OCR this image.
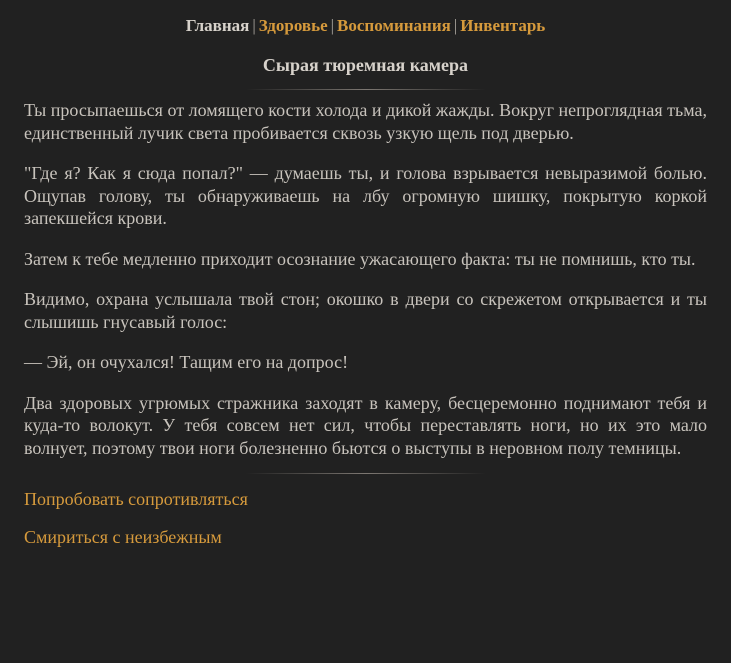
Главная | Здоровье | Воспоминания | Инвентарь
Сырая тюремная камера

Ты просыпаешься от ломящего кости холода и дикой жажды. Вокруг непроглядная тьма, единственный лучик света пробивается сквозь узкую щель под дверью.

"Где я? Как я сюда попал?" — думаешь ты, и голова взрывается невыразимой болью. Ощупав голову, ты обнаруживаешь на лбу огромную шишку, покрытую коркой запекшейся крови.

Затем к тебе медленно приходит осознание ужасающего факта: ты не помнишь, кто ты.

Видимо, охрана услышала твой стон; окошко в двери со скрежетом открывается и ты слышишь гнусавый голос:

— Эй, он очухался! Тащим его на допрос!

Два здоровых угрюмых стражника заходят в камеру, бесцеремонно поднимают тебя и куда-то волокут. У тебя совсем нет сил, чтобы переставлять ноги, но их это мало волнует, поэтому твои ноги болезненно бьются о выступы в неровном полу темницы.

Попробовать сопротивляться
Смириться с неизбежным
